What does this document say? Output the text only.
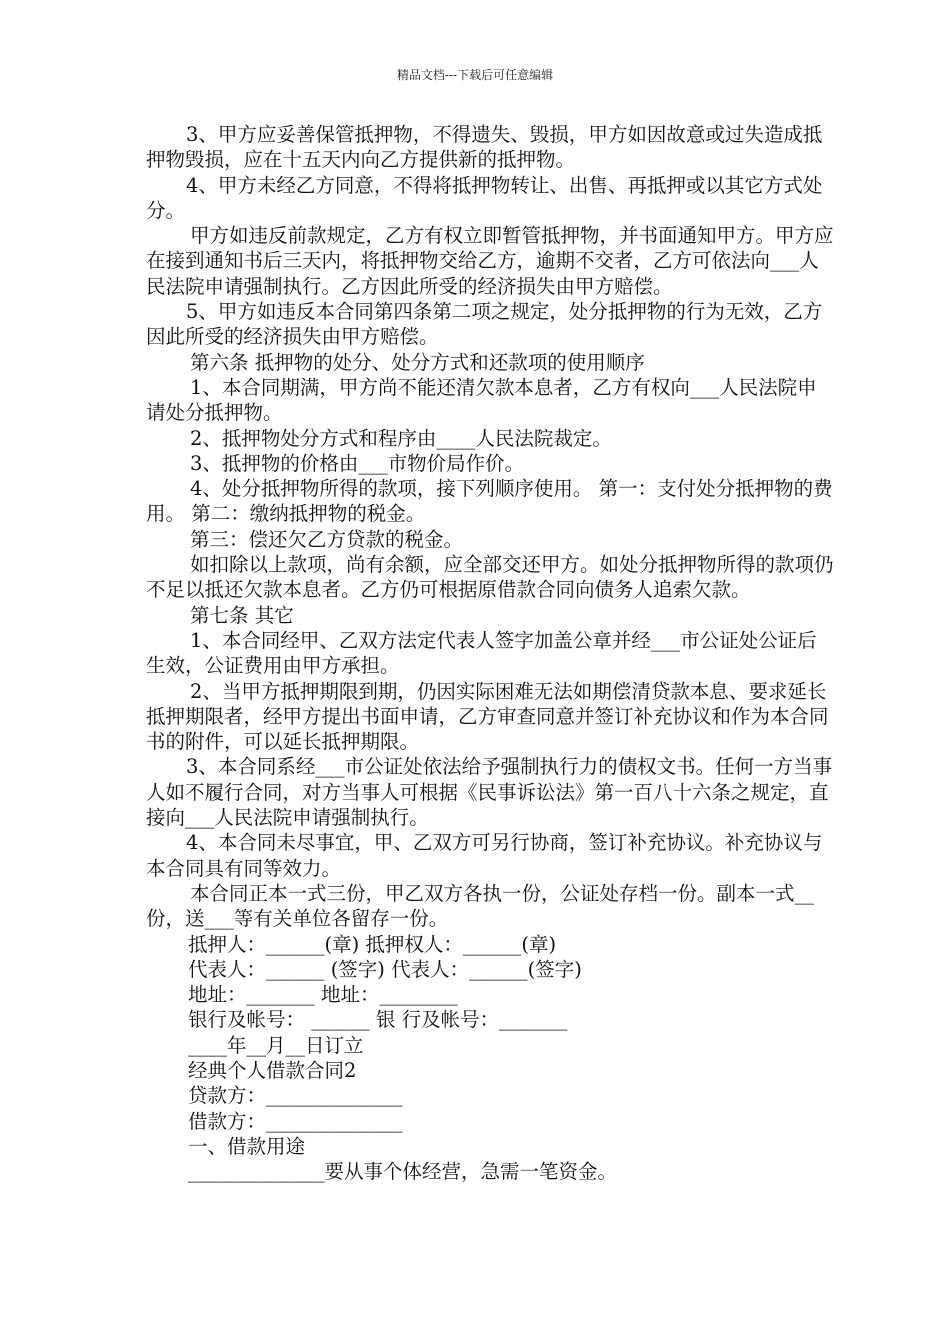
精品文档---下载后可任意编辑

3、甲方应妥善保管抵押物，不得遗失、毁损，甲方如因故意或过失造成抵押物毁损，应在十五天内向乙方提供新的抵押物。

4、甲方未经乙方同意，不得将抵押物转让、出售、再抵押或以其它方式处分。

甲方如违反前款规定，乙方有权立即暂管抵押物，并书面通知甲方。甲方应在接到通知书后三天内，将抵押物交给乙方，逾期不交者，乙方可依法向___人民法院申请强制执行。乙方因此所受的经济损失由甲方赔偿。

5、甲方如违反本合同第四条第二项之规定，处分抵押物的行为无效，乙方因此所受的经济损失由甲方赔偿。

第六条 抵押物的处分、处分方式和还款项的使用顺序

1、本合同期满，甲方尚不能还清欠款本息者，乙方有权向___人民法院申请处分抵押物。

2、抵押物处分方式和程序由____人民法院裁定。

3、抵押物的价格由___市物价局作价。

4、处分抵押物所得的款项，接下列顺序使用。 第一：支付处分抵押物的费用。 第二：缴纳抵押物的税金。

第三：偿还欠乙方贷款的税金。

如扣除以上款项，尚有余额，应全部交还甲方。如处分抵押物所得的款项仍不足以抵还欠款本息者。乙方仍可根据原借款合同向债务人追索欠款。

第七条 其它

1、本合同经甲、乙双方法定代表人签字加盖公章并经___市公证处公证后生效，公证费用由甲方承担。

2、当甲方抵押期限到期，仍因实际困难无法如期偿清贷款本息、要求延长抵押期限者，经甲方提出书面申请，乙方审查同意并签订补充协议和作为本合同书的附件，可以延长抵押期限。

3、本合同系经___市公证处依法给予强制执行力的债权文书。任何一方当事人如不履行合同，对方当事人可根据《民事诉讼法》第一百八十六条之规定，直接向___人民法院申请强制执行。

4、本合同未尽事宜，甲、乙双方可另行协商，签订补充协议。补充协议与本合同具有同等效力。

本合同正本一式三份，甲乙双方各执一份，公证处存档一份。副本一式__份，送___等有关单位各留存一份。

抵押人：______(章) 抵押权人：______(章)
代表人：______ (签字) 代表人：______(签字)
地址：_______ 地址：________
银行及帐号： ______ 银 行及帐号：_______
____年__月__日订立
经典个人借款合同2
贷款方：______________
借款方：______________
一、借款用途
______________要从事个体经营，急需一笔资金。
